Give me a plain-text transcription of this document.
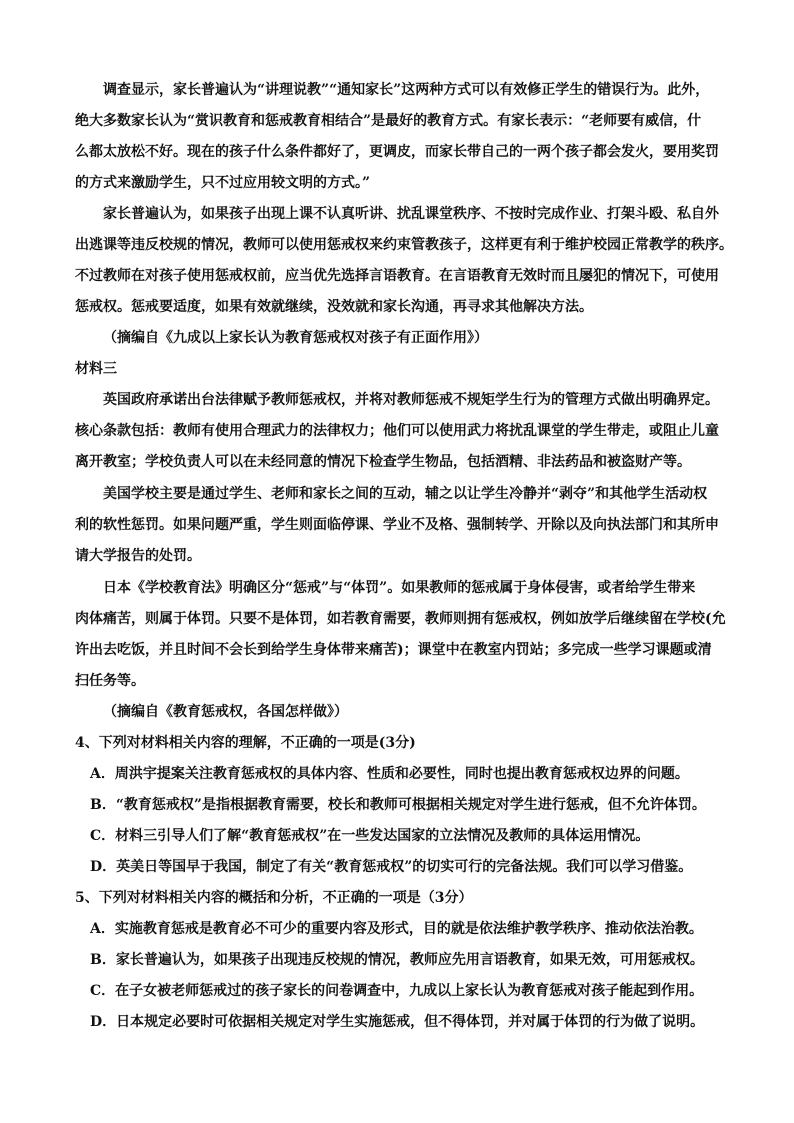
调查显示，家长普遍认为“讲理说教”“通知家长”这两种方式可以有效修正学生的错误行为。此外，
绝大多数家长认为“赏识教育和惩戒教育相结合”是最好的教育方式。有家长表示：“老师要有威信，什
么都太放松不好。现在的孩子什么条件都好了，更调皮，而家长带自己的一两个孩子都会发火，要用奖罚
的方式来激励学生，只不过应用较文明的方式。”
家长普遍认为，如果孩子出现上课不认真听讲、扰乱课堂秩序、不按时完成作业、打架斗殴、私自外
出逃课等违反校规的情况，教师可以使用惩戒权来约束管教孩子，这样更有利于维护校园正常教学的秩序。
不过教师在对孩子使用惩戒权前，应当优先选择言语教育。在言语教育无效时而且屡犯的情况下，可使用
惩戒权。惩戒要适度，如果有效就继续，没效就和家长沟通，再寻求其他解决方法。
（摘编自《九成以上家长认为教育惩戒权对孩子有正面作用》）
材料三
英国政府承诺出台法律赋予教师惩戒权，并将对教师惩戒不规矩学生行为的管理方式做出明确界定。
核心条款包括：教师有使用合理武力的法律权力；他们可以使用武力将扰乱课堂的学生带走，或阻止儿童
离开教室；学校负责人可以在未经同意的情况下检查学生物品，包括酒精、非法药品和被盗财产等。
美国学校主要是通过学生、老师和家长之间的互动，辅之以让学生冷静并“剥夺”和其他学生活动权
利的软性惩罚。如果问题严重，学生则面临停课、学业不及格、强制转学、开除以及向执法部门和其所申
请大学报告的处罚。
日本《学校教育法》明确区分“惩戒”与“体罚”。如果教师的惩戒属于身体侵害，或者给学生带来
肉体痛苦，则属于体罚。只要不是体罚，如若教育需要，教师则拥有惩戒权，例如放学后继续留在学校(允
许出去吃饭，并且时间不会长到给学生身体带来痛苦)；课堂中在教室内罚站；多完成一些学习课题或清
扫任务等。
（摘编自《教育惩戒权，各国怎样做》）
4、下列对材料相关内容的理解，不正确的一项是(3分)
A．周洪宇提案关注教育惩戒权的具体内容、性质和必要性，同时也提出教育惩戒权边界的问题。
B．“教育惩戒权”是指根据教育需要，校长和教师可根据相关规定对学生进行惩戒，但不允许体罚。
C．材料三引导人们了解“教育惩戒权”在一些发达国家的立法情况及教师的具体运用情况。
D．英美日等国早于我国，制定了有关“教育惩戒权”的切实可行的完备法规。我们可以学习借鉴。
5、下列对材料相关内容的概括和分析，不正确的一项是（3分）
A．实施教育惩戒是教育必不可少的重要内容及形式，目的就是依法维护教学秩序、推动依法治教。
B．家长普遍认为，如果孩子出现违反校规的情况，教师应先用言语教育，如果无效，可用惩戒权。
C．在子女被老师惩戒过的孩子家长的问卷调查中，九成以上家长认为教育惩戒对孩子能起到作用。
D．日本规定必要时可依据相关规定对学生实施惩戒，但不得体罚，并对属于体罚的行为做了说明。
